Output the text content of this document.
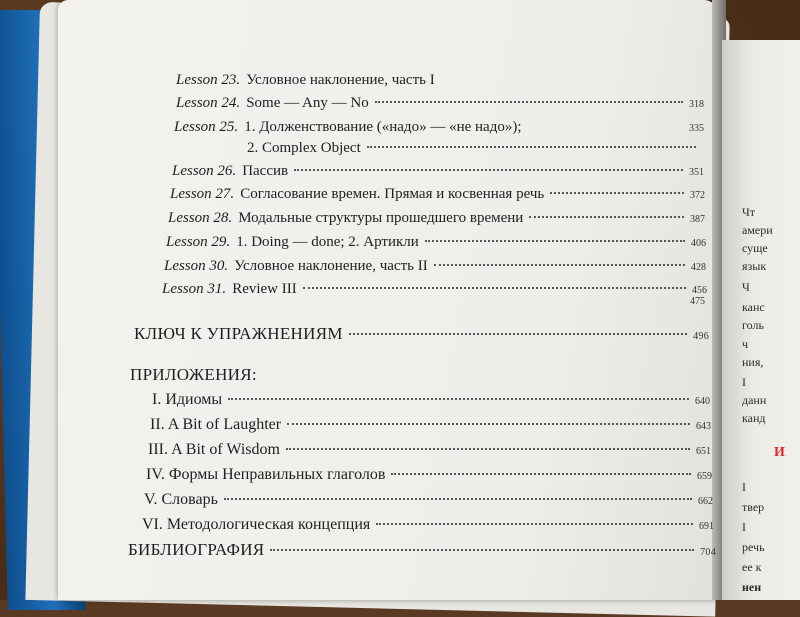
Чт
амери
суще
язык
Ч
канс
голь
ч
ния,
I
данн
канд
И
I
твер
I
речь
ее к
нен
Lesson 23. Условное наклонение, часть I
Lesson 24. Some — Any — No	318
Lesson 25. 1. Долженствование («надо» — «не надо»);	335
2. Complex Object
Lesson 26. Пассив	351
Lesson 27. Согласование времен. Прямая и косвенная речь	372
Lesson 28. Модальные структуры прошедшего времени	387
Lesson 29. 1. Doing — done; 2. Артикли	406
Lesson 30. Условное наклонение, часть II	428
Lesson 31. Review III	456
475
КЛЮЧ К УПРАЖНЕНИЯМ	496
ПРИЛОЖЕНИЯ:
I. Идиомы	640
II. A Bit of Laughter	643
III. A Bit of Wisdom	651
IV. Формы Неправильных глаголов	659
V. Словарь	662
VI. Методологическая концепция	691
БИБЛИОГРАФИЯ	704
